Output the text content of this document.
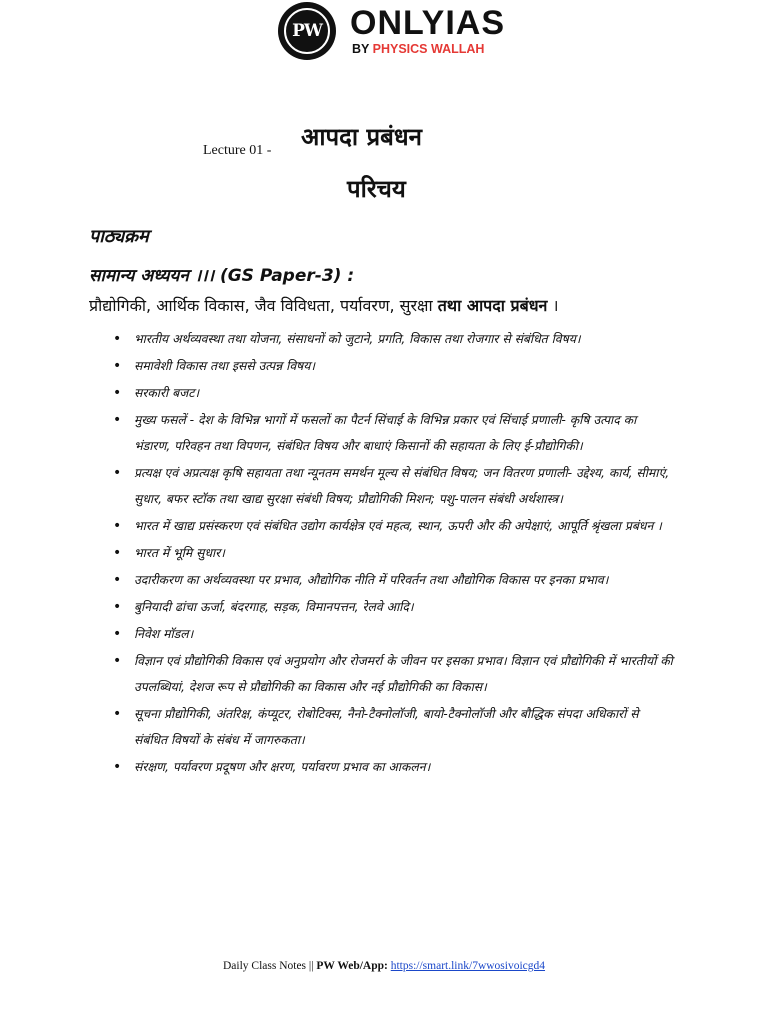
PW ONLYIAS
BY PHYSICS WALLAH
Lecture 01 - आपदा प्रबंधन
परिचय
पाठ्यक्रम
सामान्य अध्ययन ।।। (GS Paper-3) :
प्रौद्योगिकी, आर्थिक विकास, जैव विविधता, पर्यावरण, सुरक्षा तथा आपदा प्रबंधन ।
• भारतीय अर्थव्यवस्था तथा योजना, संसाधनों को जुटाने, प्रगति, विकास तथा रोजगार से संबंधित विषय।
• समावेशी विकास तथा इससे उत्पन्न विषय।
• सरकारी बजट।
• मुख्य फसलें - देश के विभिन्न भागों में फसलों का पैटर्न सिंचाई के विभिन्न प्रकार एवं सिंचाई प्रणाली- कृषि उत्पाद का भंडारण, परिवहन तथा विपणन, संबंधित विषय और बाधाएं किसानों की सहायता के लिए ई-प्रौद्योगिकी।
• प्रत्यक्ष एवं अप्रत्यक्ष कृषि सहायता तथा न्यूनतम समर्थन मूल्य से संबंधित विषय; जन वितरण प्रणाली- उद्देश्य, कार्य, सीमाएं, सुधार, बफर स्टॉक तथा खाद्य सुरक्षा संबंधी विषय; प्रौद्योगिकी मिशन; पशु-पालन संबंधी अर्थशास्त्र।
• भारत में खाद्य प्रसंस्करण एवं संबंधित उद्योग कार्यक्षेत्र एवं महत्व, स्थान, ऊपरी और की अपेक्षाएं, आपूर्ति श्रृंखला प्रबंधन ।
• भारत में भूमि सुधार।
• उदारीकरण का अर्थव्यवस्था पर प्रभाव, औद्योगिक नीति में परिवर्तन तथा औद्योगिक विकास पर इनका प्रभाव।
• बुनियादी ढांचा ऊर्जा, बंदरगाह, सड़क, विमानपत्तन, रेलवे आदि।
• निवेश मॉडल।
• विज्ञान एवं प्रौद्योगिकी विकास एवं अनुप्रयोग और रोजमर्रा के जीवन पर इसका प्रभाव। विज्ञान एवं प्रौद्योगिकी में भारतीयों की उपलब्धियां, देशज रूप से प्रौद्योगिकी का विकास और नई प्रौद्योगिकी का विकास।
• सूचना प्रौद्योगिकी, अंतरिक्ष, कंप्यूटर, रोबोटिक्स, नैनो-टैक्नोलॉजी, बायो-टैक्नोलॉजी और बौद्धिक संपदा अधिकारों से संबंधित विषयों के संबंध में जागरुकता।
• संरक्षण, पर्यावरण प्रदूषण और क्षरण, पर्यावरण प्रभाव का आकलन।
Daily Class Notes || PW Web/App: https://smart.link/7wwosivoicgd4
